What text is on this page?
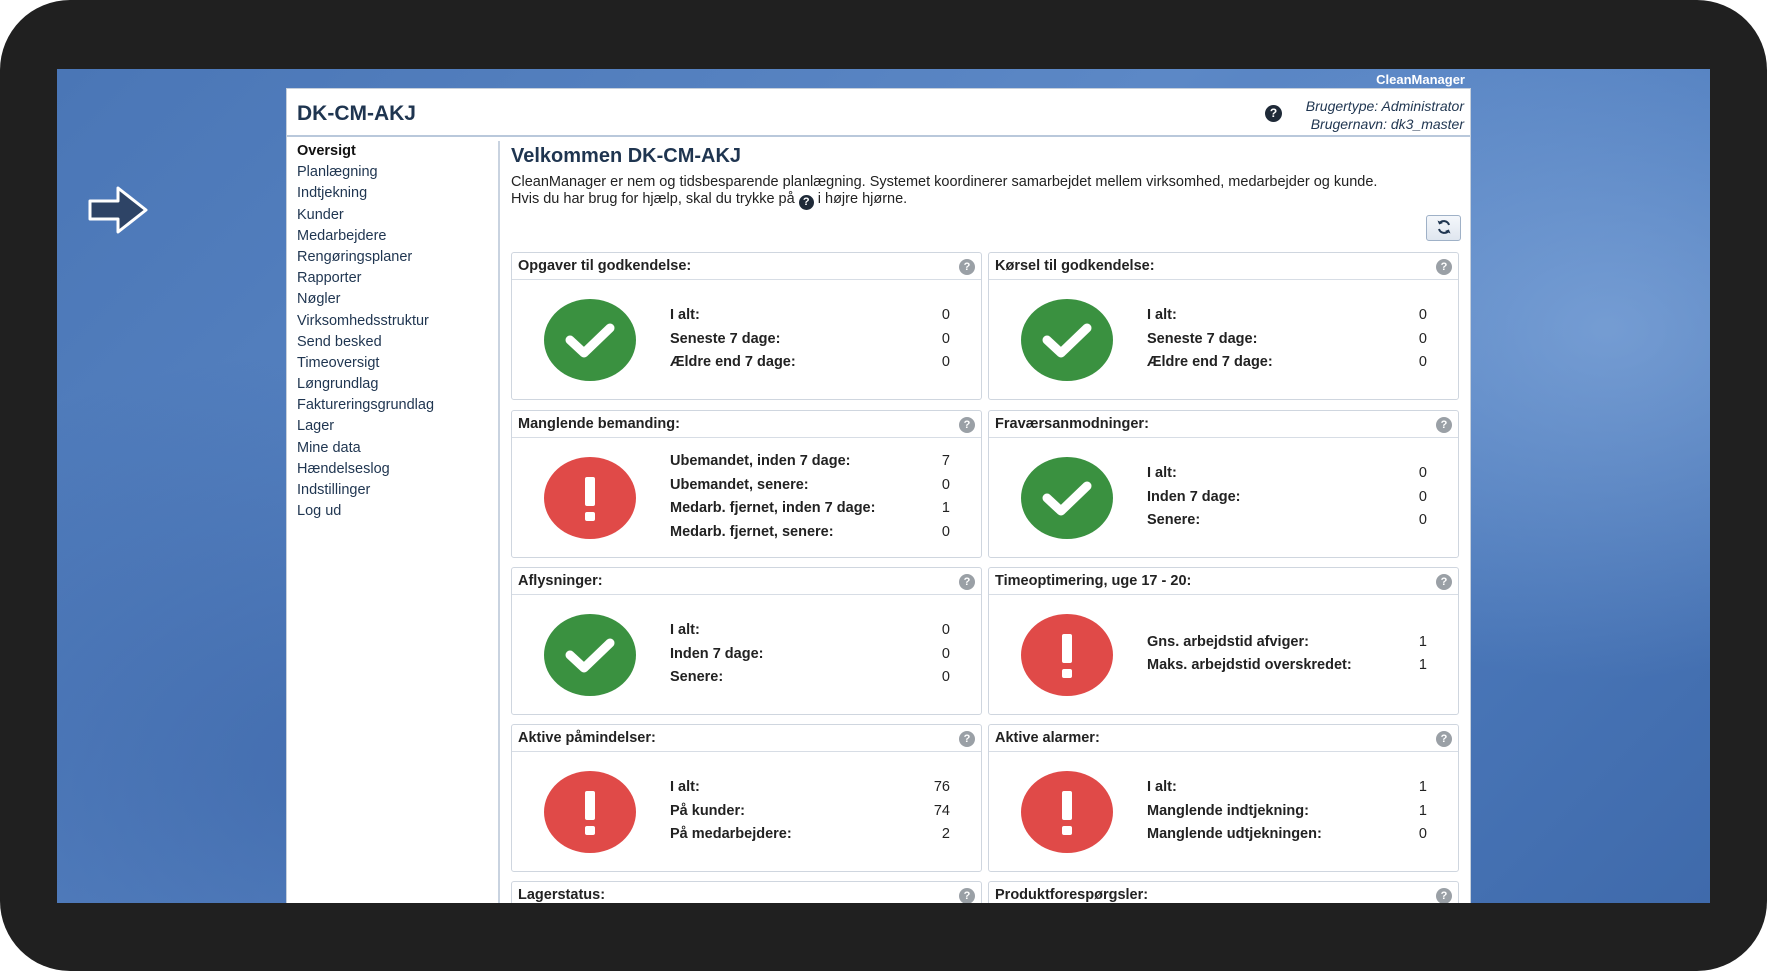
CleanManager
DK-CM-AKJ	?	Brugertype: Administrator
Brugernavn: dk3_master
Oversigt
Planlægning
Indtjekning
Kunder
Medarbejdere
Rengøringsplaner
Rapporter
Nøgler
Virksomhedsstruktur
Send besked
Timeoversigt
Løngrundlag
Faktureringsgrundlag
Lager
Mine data
Hændelseslog
Indstillinger
Log ud
Velkommen DK-CM-AKJ
CleanManager er nem og tidsbesparende planlægning. Systemet koordinerer samarbejdet mellem virksomhed, medarbejder og kunde.
Hvis du har brug for hjælp, skal du trykke på ? i højre hjørne.
Opgaver til godkendelse:	?
I alt:	0
Seneste 7 dage:	0
Ældre end 7 dage:	0
Kørsel til godkendelse:	?
I alt:	0
Seneste 7 dage:	0
Ældre end 7 dage:	0
Manglende bemanding:	?
Ubemandet, inden 7 dage:	7
Ubemandet, senere:	0
Medarb. fjernet, inden 7 dage:	1
Medarb. fjernet, senere:	0
Fraværsanmodninger:	?
I alt:	0
Inden 7 dage:	0
Senere:	0
Aflysninger:	?
I alt:	0
Inden 7 dage:	0
Senere:	0
Timeoptimering, uge 17 - 20:	?
Gns. arbejdstid afviger:	1
Maks. arbejdstid overskredet:	1
Aktive påmindelser:	?
I alt:	76
På kunder:	74
På medarbejdere:	2
Aktive alarmer:	?
I alt:	1
Manglende indtjekning:	1
Manglende udtjekningen:	0
Lagerstatus:	?	Produktforespørgsler:	?
